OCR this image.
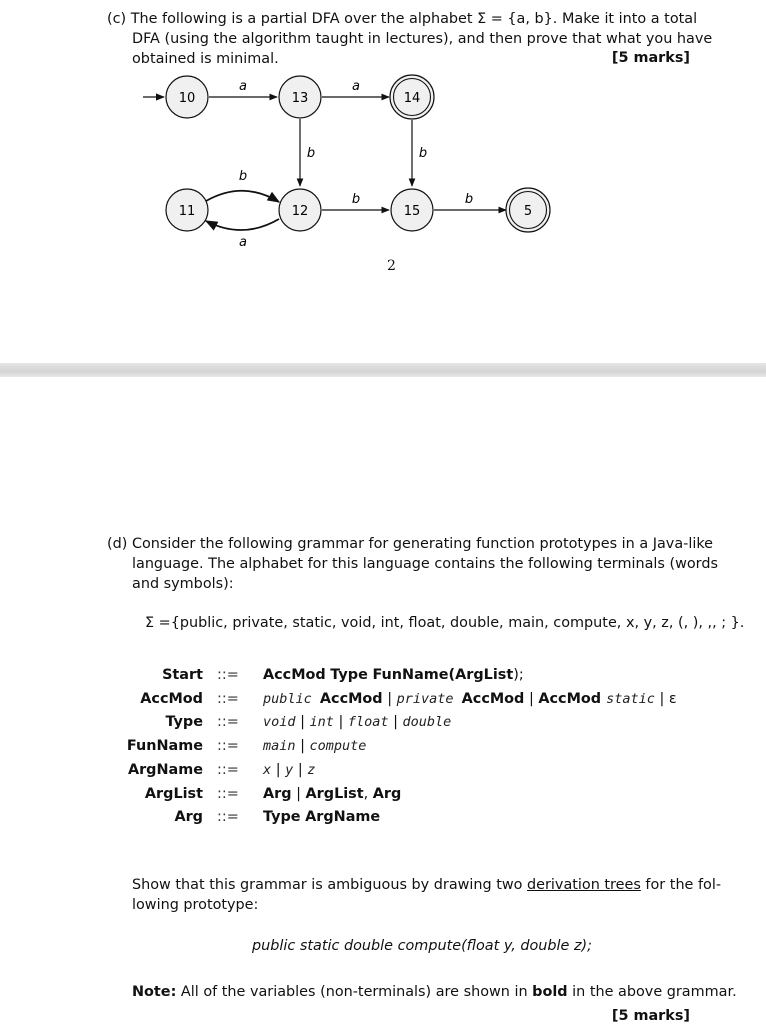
(c) The following is a partial DFA over the alphabet Σ = {a, b}. Make it into a total
DFA (using the algorithm taught in lectures), and then prove that what you have
obtained is minimal.	[5 marks]
a	a
b	b
b
a
b	b
10	13	14
11	12	15	5
2
(d) Consider the following grammar for generating function prototypes in a Java-like
language. The alphabet for this language contains the following terminals (words
and symbols):
Σ ={public, private, static, void, int, float, double, main, compute, x, y, z, (, ), ,, ; }.
Start ::= AccMod Type FunName(ArgList);
AccMod ::= public AccMod | private AccMod | AccMod static | ε
Type ::= void | int | float | double
FunName ::= main | compute
ArgName ::= x | y | z
ArgList ::= Arg | ArgList, Arg
Arg ::= Type ArgName
Show that this grammar is ambiguous by drawing two derivation trees for the fol-
lowing prototype:
public static double compute(float y, double z);
Note: All of the variables (non-terminals) are shown in bold in the above grammar.
[5 marks]
